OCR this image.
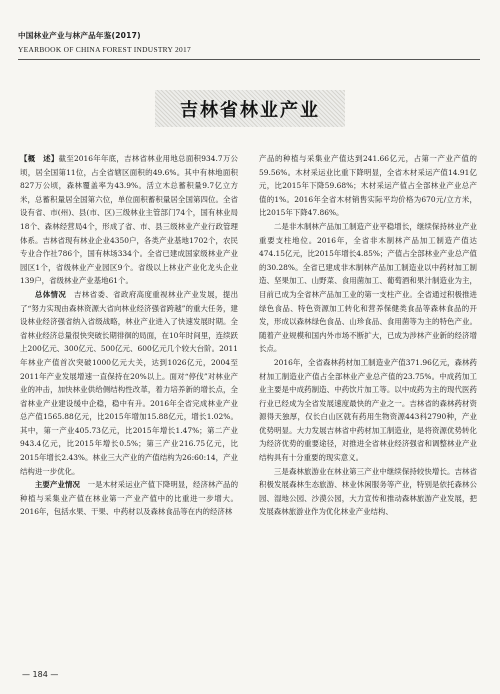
中国林业产业与林产品年鉴(2017)
YEARBOOK OF CHINA FOREST INDUSTRY 2017
吉林省林业产业

【概　述】截至2016年年底，吉林省林业用地总面积934.7万公顷，居全国第11位，占全省辖区面积的49.6%。其中有林地面积827万公顷，森林覆盖率为43.9%。活立木总蓄积量9.7亿立方米，总蓄积量居全国第六位，单位面积蓄积量居全国第四位。全省设有省、市(州)、县(市、区)三级林业主管部门74个，国有林业局18个、森林经营局4个，形成了省、市、县三级林业产业行政管理体系。吉林省现有林业企业4350户，各类产业基地1702个，农民专业合作社786个，国有林场334个。全省已建成国家级林业产业园区1个，省级林业产业园区9个。省级以上林业产业化龙头企业139户，省级林业产业基地61个。

总体情况　 吉林省委、省政府高度重视林业产业发展，提出了“努力实现由森林资源大省向林业经济强省跨越”的重大任务，建设林业经济强省纳入省级战略，林业产业进入了快速发展时期。全省林业经济总量很快突破长期徘徊的局面，在10年时间里，连续跃上200亿元、300亿元、500亿元、600亿元几个较大台阶。2011年林业产值首次突破1000亿元大关，达到1026亿元，2004至2011年产业发展增速一直保持在20%以上。面对“停伐”对林业产业的冲击，加快林业供给侧结构性改革，着力培养新的增长点，全省林业产业建设缓中企稳，稳中有升。2016年全省完成林业产业总产值1565.88亿元，比2015年增加15.88亿元，增长1.02%。其中，第一产业405.73亿元，比2015年增长1.47%；第二产业943.4亿元，比2015年增长0.5%；第三产业216.75亿元，比2015年增长2.43%。林业三大产业的产值结构为26:60:14，产业结构进一步优化。

主要产业情况　 一是木材采运业产值下降明显，经济林产品的种植与采集业产值在林业第一产业产值中的比重进一步增大。2016年，包括水果、干果、中药材以及森林食品等在内的经济林

产品的种植与采集业产值达到241.66亿元，占第一产业产值的59.56%。木材采运业比重下降明显，全省木材采运产值14.91亿元，比2015年下降59.68%；木材采运产值占全部林业产业总产值的1%。2016年全省木材销售实际平均价格为670元/立方米，比2015年下降47.86%。

二是非木制林产品加工制造产业平稳增长，继续保持林业产业重要支柱地位。2016年，全省非木制林产品加工制造产值达474.15亿元，比2015年增长4.85%；产值占全部林业产业总产值的30.28%。全省已建成非木制林产品加工制造业以中药材加工制造、坚果加工、山野菜、食用菌加工、葡萄酒和果汁制造业为主，目前已成为全省林产品加工业的第一支柱产业。全省通过积极推进绿色食品、特色资源加工转化和营养保健类食品等森林食品的开发，形成以森林绿色食品、山珍食品、食用菌等为主的特色产业。随着产业规模和国内外市场不断扩大，已成为涉林产业新的经济增长点。

2016年，全省森林药材加工制造业产值371.96亿元，森林药材加工制造业产值占全部林业产业总产值的23.75%。中成药加工业主要是中成药制造、中药饮片加工等。以中成药为主的现代医药行业已经成为全省发展速度最快的产业之一。吉林省的森林药材资源得天独厚，仅长白山区就有药用生物资源443科2790种，产业优势明显。大力发展吉林省中药材加工制造业，是将资源优势转化为经济优势的重要途径，对推进全省林业经济强省和调整林业产业结构具有十分重要的现实意义。

三是森林旅游业在林业第三产业中继续保持较快增长。吉林省积极发展森林生态旅游、林业休闲服务等产业，特别是依托森林公园、湿地公园、沙漠公园，大力宣传和推动森林旅游产业发展，把发展森林旅游业作为优化林业产业结构、

— 184 —
